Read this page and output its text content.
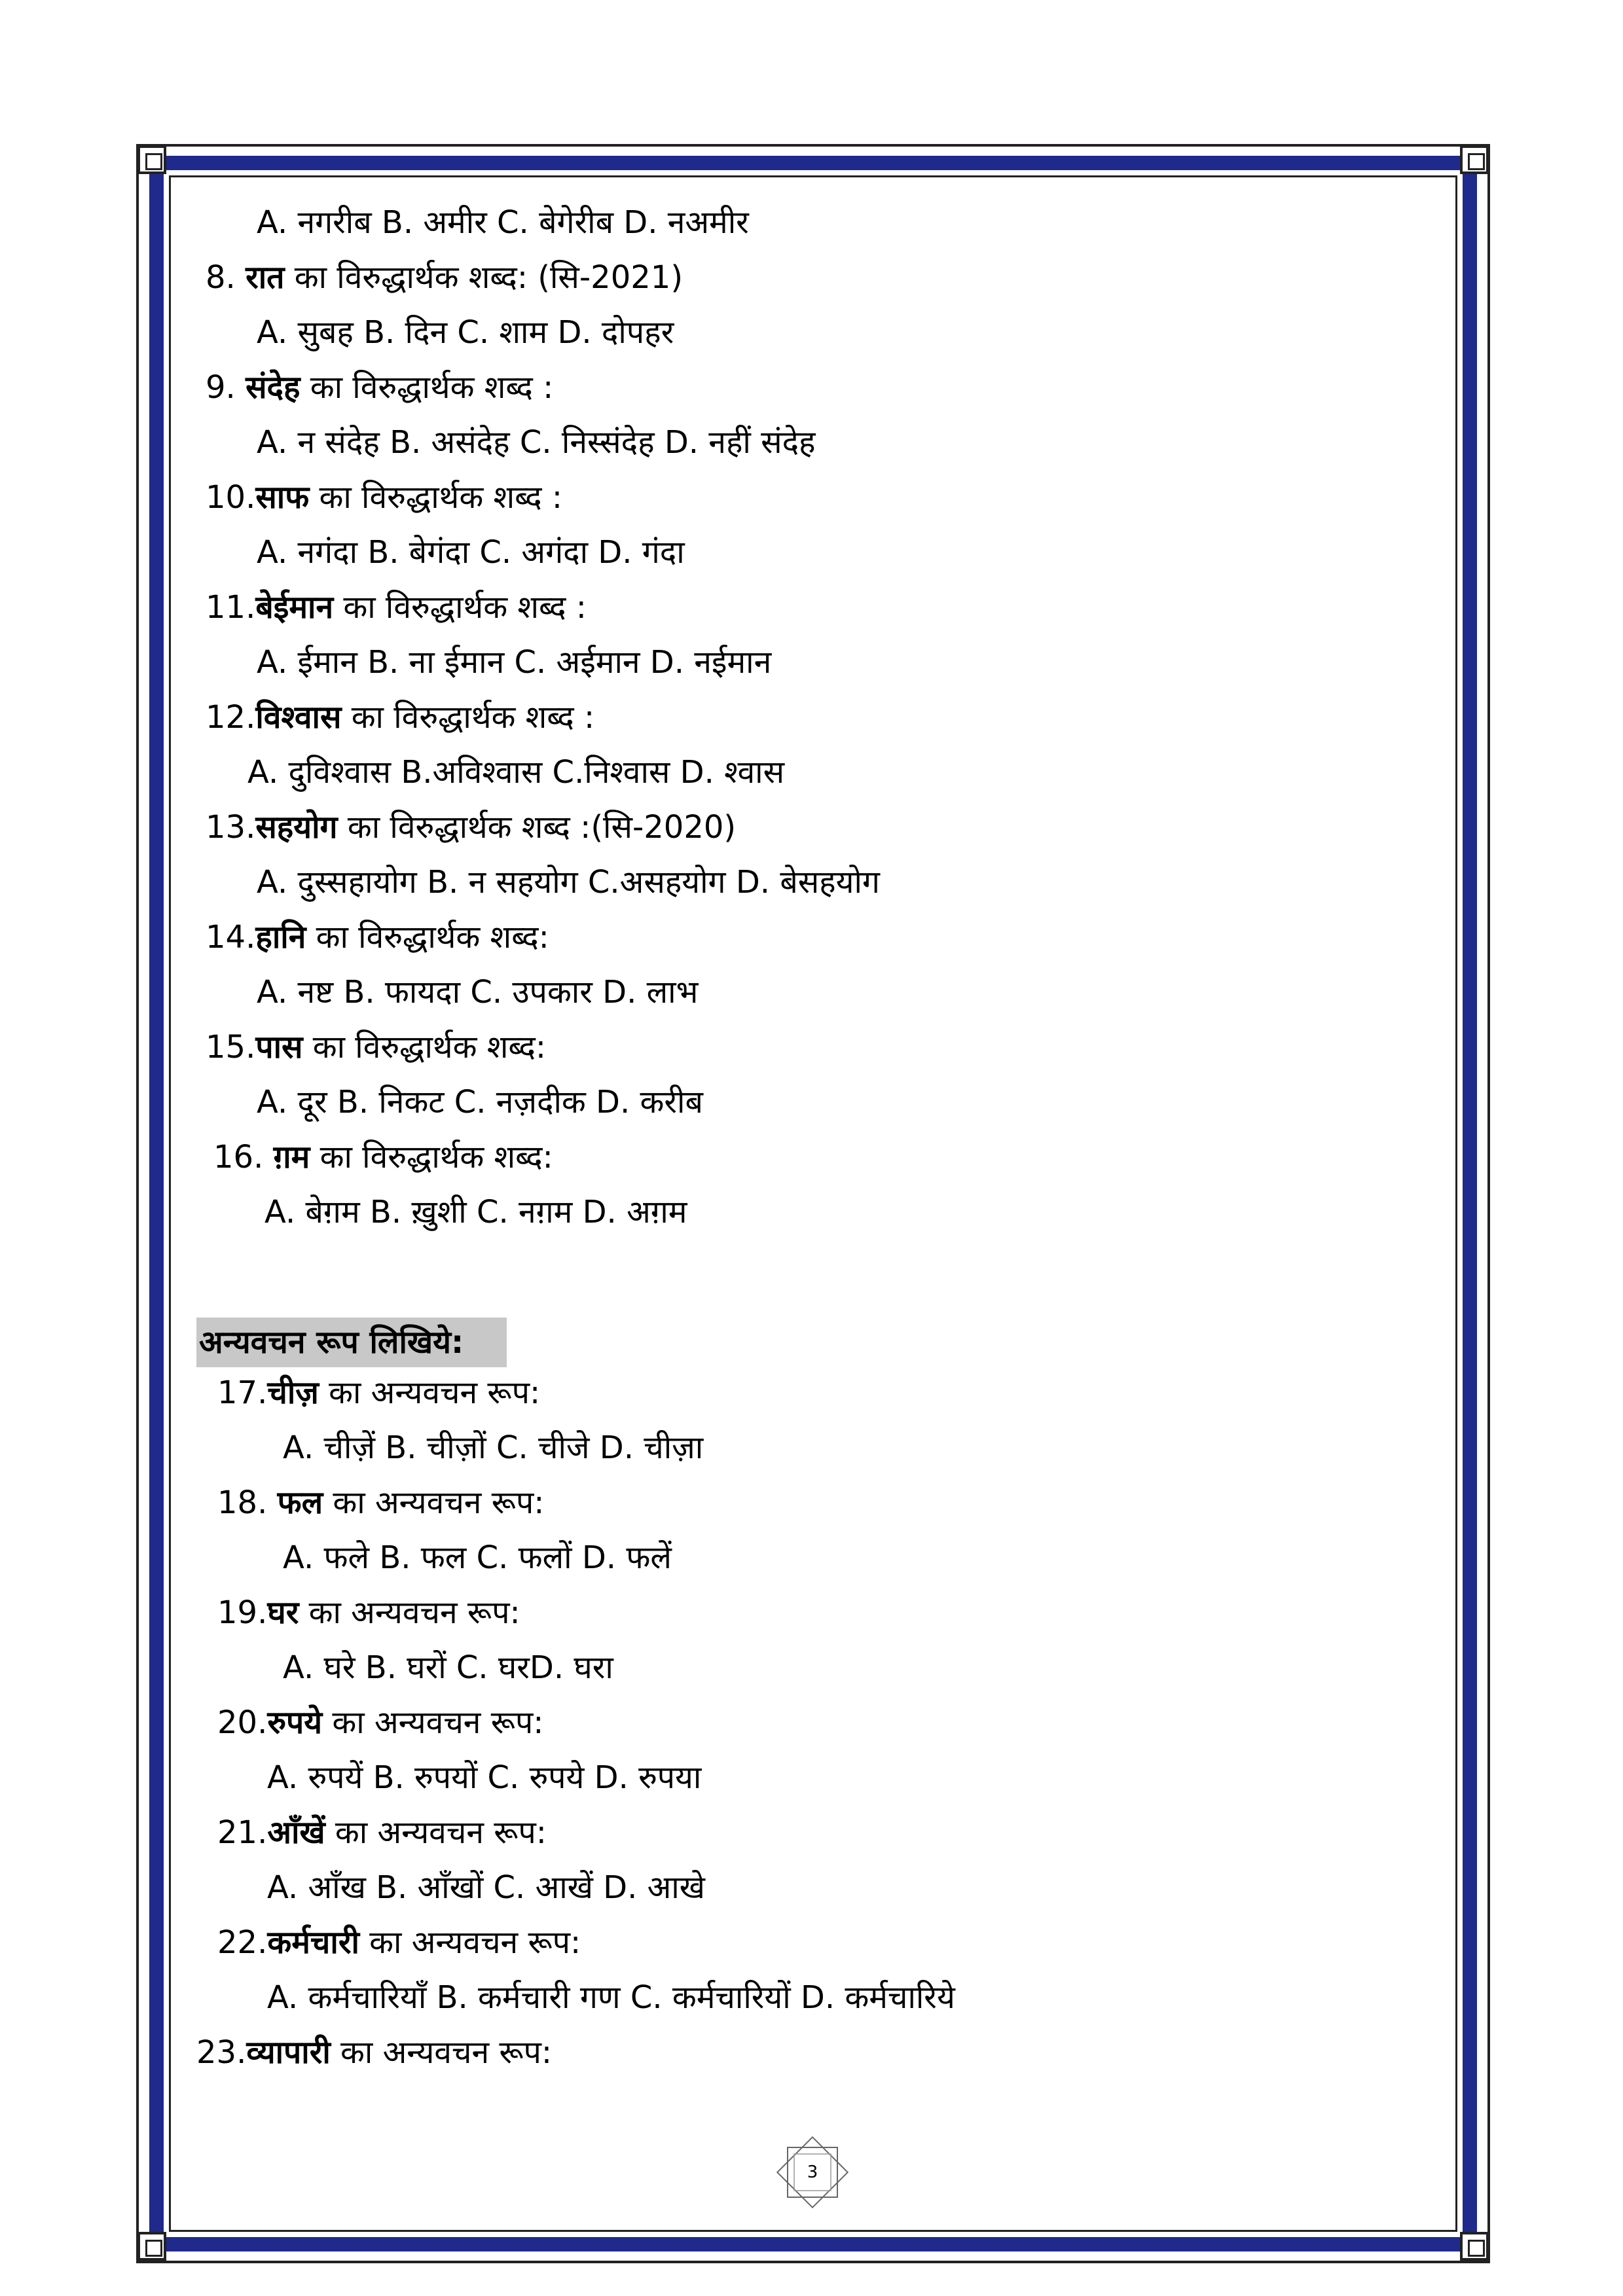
A. नगरीब B. अमीर C. बेगेरीब D. नअमीर
8. रात का विरुद्धार्थक शब्द: (सि-2021)
A. सुबह B. दिन C. शाम D. दोपहर
9. संदेह का विरुद्धार्थक शब्द :
A. न संदेह B. असंदेह C. निस्संदेह D. नहीं संदेह
10.साफ का विरुद्धार्थक शब्द :
A. नगंदा B. बेगंदा C. अगंदा D. गंदा
11.बेईमान का विरुद्धार्थक शब्द :
A. ईमान B. ना ईमान C. अईमान D. नईमान
12.विश्वास का विरुद्धार्थक शब्द :
A. दुविश्वास B.अविश्वास C.निश्वास D. श्वास
13.सहयोग का विरुद्धार्थक शब्द :(सि-2020)
A. दुस्सहायोग B. न सहयोग C.असहयोग D. बेसहयोग
14.हानि का विरुद्धार्थक शब्द:
A. नष्ट B. फायदा C. उपकार D. लाभ
15.पास का विरुद्धार्थक शब्द:
A. दूर B. निकट C. नज़दीक D. करीब
16. ग़म का विरुद्धार्थक शब्द:
A. बेग़म B. ख़ुशी C. नग़म D. अग़म
अन्यवचन रूप लिखिये:
17.चीज़ का अन्यवचन रूप:
A. चीज़ें B. चीज़ों C. चीजे D. चीज़ा
18. फल का अन्यवचन रूप:
A. फले B. फल C. फलों D. फलें
19.घर का अन्यवचन रूप:
A. घरे B. घरों C. घरD. घरा
20.रुपये का अन्यवचन रूप:
A. रुपयें B. रुपयों C. रुपये D. रुपया
21.आँखें का अन्यवचन रूप:
A. आँख B. आँखों C. आखें D. आखे
22.कर्मचारी का अन्यवचन रूप:
A. कर्मचारियाँ B. कर्मचारी गण C. कर्मचारियों D. कर्मचारिये
23.व्यापारी का अन्यवचन रूप:
3
